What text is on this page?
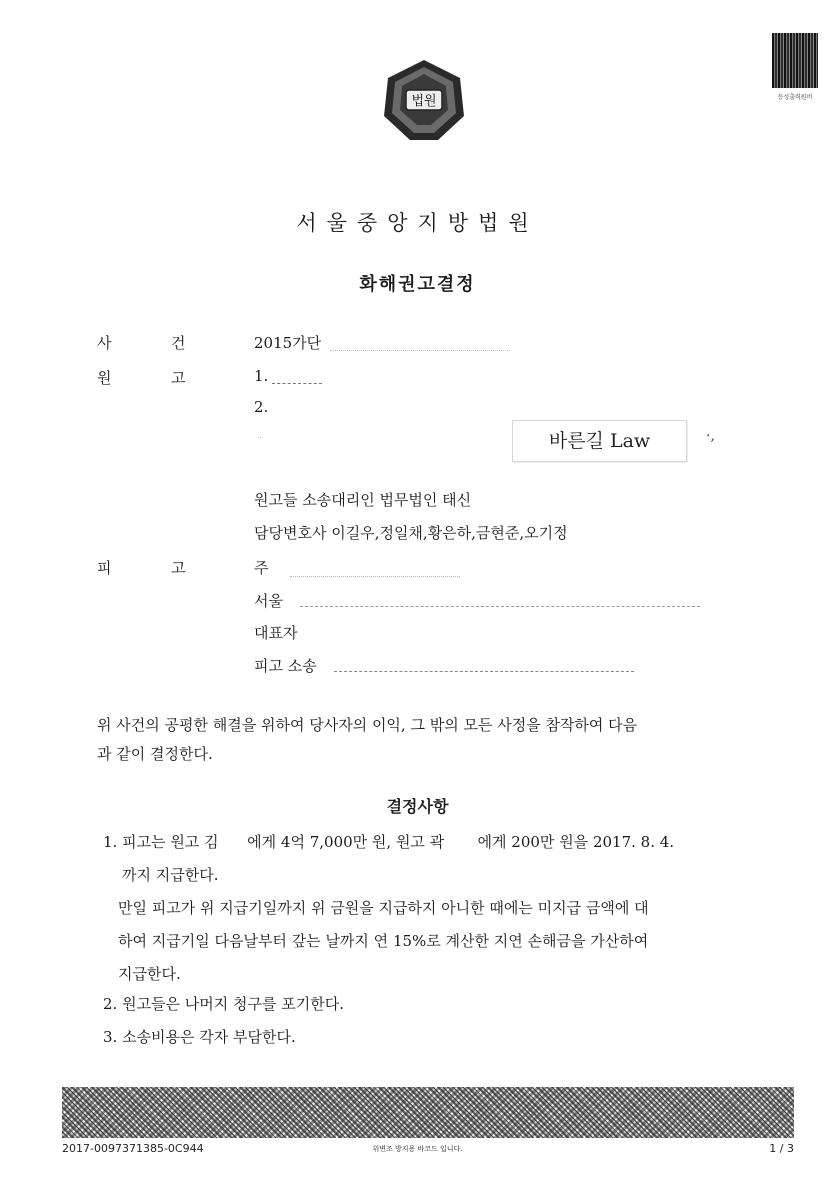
법원	등성출력원비
서울중앙지방법원
화해권고결정
사	건	2015가단
원	고	1.
2.
바른길 Law	·,
원고들 소송대리인 법무법인 태신
담당변호사 이길우,정일채,황은하,금현준,오기정
피	고	주
서울
대표자
피고 소송
위 사건의 공평한 해결을 위하여 당사자의 이익, 그 밖의 모든 사정을 참작하여 다음
과 같이 결정한다.
결정사항
1. 피고는 원고 김      에게 4억 7,000만 원, 원고 곽       에게 200만 원을 2017. 8. 4.
까지 지급한다.
만일 피고가 위 지급기일까지 위 금원을 지급하지 아니한 때에는 미지급 금액에 대
하여 지급기일 다음날부터 갚는 날까지 연 15%로 계산한 지연 손해금을 가산하여
지급한다.
2. 원고들은 나머지 청구를 포기한다.
3. 소송비용은 각자 부담한다.
2017-0097371385-0C944	위변조 방지용 바코드 입니다.	1 / 3
